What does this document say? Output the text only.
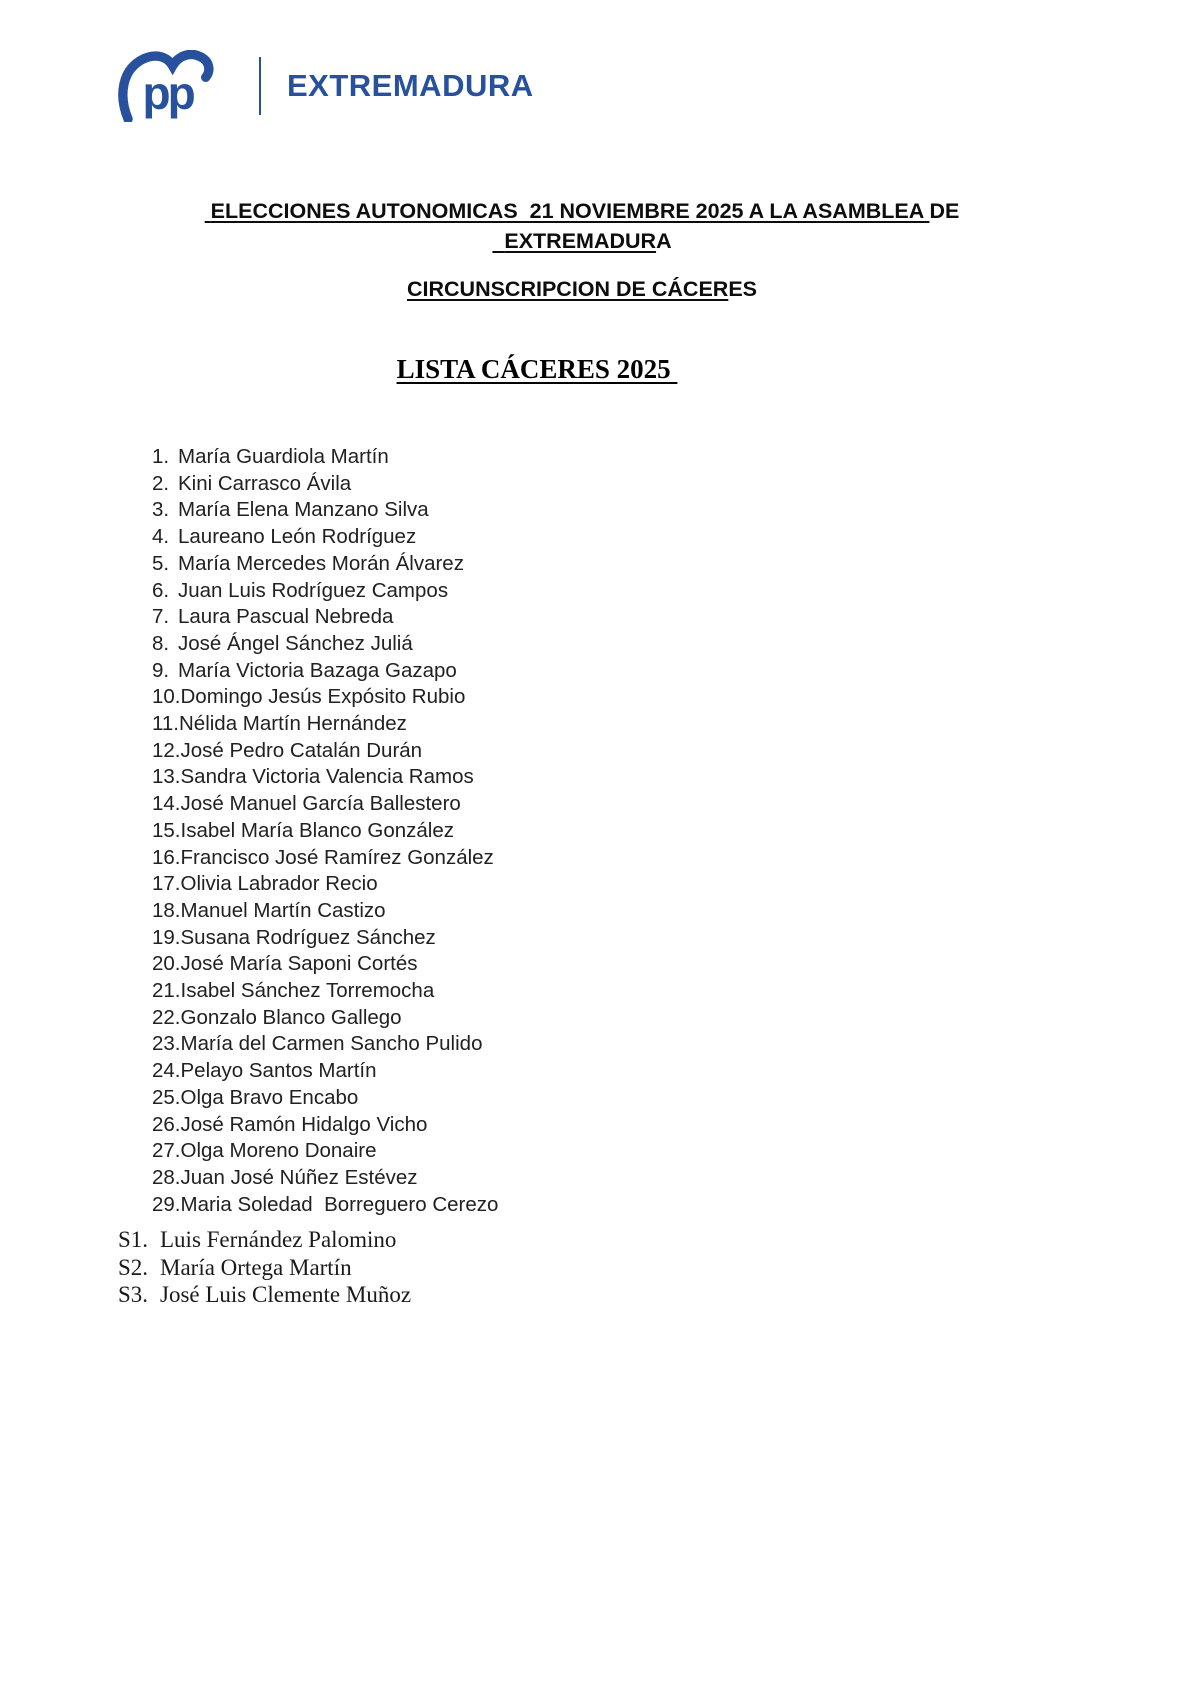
pp	EXTREMADURA
ELECCIONES AUTONOMICAS  21 NOVIEMBRE 2025 A LA ASAMBLEA DE
EXTREMADURA
CIRCUNSCRIPCION DE CÁCERES
LISTA CÁCERES 2025
1. María Guardiola Martín
2. Kini Carrasco Ávila
3. María Elena Manzano Silva
4. Laureano León Rodríguez
5. María Mercedes Morán Álvarez
6. Juan Luis Rodríguez Campos
7. Laura Pascual Nebreda
8. José Ángel Sánchez Juliá
9. María Victoria Bazaga Gazapo
10.Domingo Jesús Expósito Rubio
11.Nélida Martín Hernández
12.José Pedro Catalán Durán
13.Sandra Victoria Valencia Ramos
14.José Manuel García Ballestero
15.Isabel María Blanco González
16.Francisco José Ramírez González
17.Olivia Labrador Recio
18.Manuel Martín Castizo
19.Susana Rodríguez Sánchez
20.José María Saponi Cortés
21.Isabel Sánchez Torremocha
22.Gonzalo Blanco Gallego
23.María del Carmen Sancho Pulido
24.Pelayo Santos Martín
25.Olga Bravo Encabo
26.José Ramón Hidalgo Vicho
27.Olga Moreno Donaire
28.Juan José Núñez Estévez
29.Maria Soledad  Borreguero Cerezo
S1. Luis Fernández Palomino
S2. María Ortega Martín
S3. José Luis Clemente Muñoz
